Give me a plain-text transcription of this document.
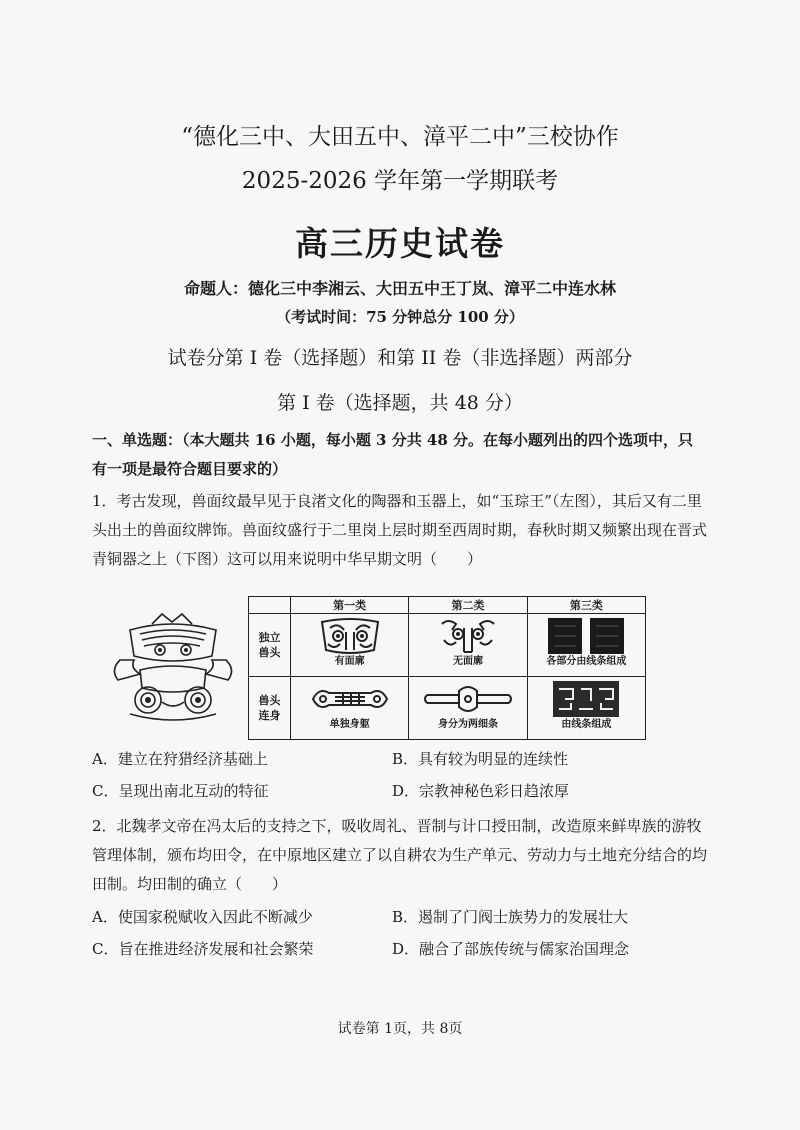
“德化三中、大田五中、漳平二中”三校协作
2025-2026 学年第一学期联考
高三历史试卷
命题人：德化三中李湘云、大田五中王丁岚、漳平二中连水林
（考试时间：75 分钟总分 100 分）
试卷分第 I 卷（选择题）和第 II 卷（非选择题）两部分
第 I 卷（选择题，共 48 分）
一、单选题：（本大题共 16 小题，每小题 3 分共 48 分。在每小题列出的四个选项中，只有一项是最符合题目要求的）
1．考古发现，兽面纹最早见于良渚文化的陶器和玉器上，如“玉琮王”（左图），其后又有二里头出土的兽面纹牌饰。兽面纹盛行于二里岗上层时期至西周时期，春秋时期又频繁出现在晋式青铜器之上（下图）这可以用来说明中华早期文明（　　）
	第一类	第二类	第三类
独立兽头	有面廓	无面廓	各部分由线条组成

兽头连身	单独身躯	身分为两细条	由线条组成
A．建立在狩猎经济基础上	B．具有较为明显的连续性
C．呈现出南北互动的特征	D．宗教神秘色彩日趋浓厚
2．北魏孝文帝在冯太后的支持之下，吸收周礼、晋制与计口授田制，改造原来鲜卑族的游牧管理体制，颁布均田令，在中原地区建立了以自耕农为生产单元、劳动力与土地充分结合的均田制。均田制的确立（　　）
A．使国家税赋收入因此不断减少	B．遏制了门阀士族势力的发展壮大
C．旨在推进经济发展和社会繁荣	D．融合了部族传统与儒家治国理念
试卷第 1页，共 8页
